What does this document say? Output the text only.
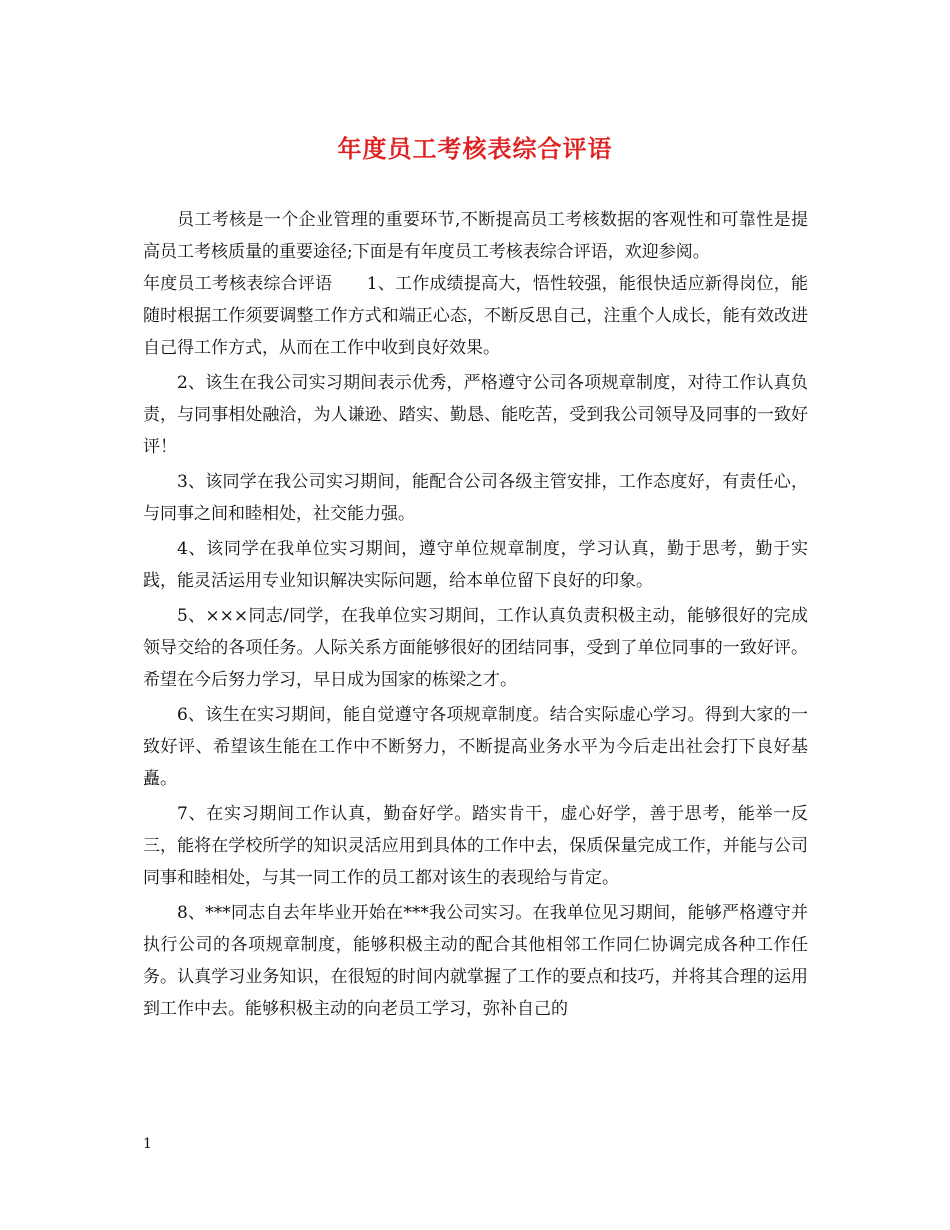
年度员工考核表综合评语

员工考核是一个企业管理的重要环节,不断提高员工考核数据的客观性和可靠性是提高员工考核质量的重要途径;下面是有年度员工考核表综合评语，欢迎参阅。

年度员工考核表综合评语　　1、工作成绩提高大，悟性较强，能很快适应新得岗位，能随时根据工作须要调整工作方式和端正心态，不断反思自己，注重个人成长，能有效改进自己得工作方式，从而在工作中收到良好效果。

2、该生在我公司实习期间表示优秀，严格遵守公司各项规章制度，对待工作认真负责，与同事相处融洽，为人谦逊、踏实、勤恳、能吃苦，受到我公司领导及同事的一致好评！

3、该同学在我公司实习期间，能配合公司各级主管安排，工作态度好，有责任心，与同事之间和睦相处，社交能力强。

4、该同学在我单位实习期间，遵守单位规章制度，学习认真，勤于思考，勤于实践，能灵活运用专业知识解决实际问题，给本单位留下良好的印象。

5、×××同志/同学，在我单位实习期间，工作认真负责积极主动，能够很好的完成领导交给的各项任务。人际关系方面能够很好的团结同事，受到了单位同事的一致好评。希望在今后努力学习，早日成为国家的栋梁之才。

6、该生在实习期间，能自觉遵守各项规章制度。结合实际虚心学习。得到大家的一致好评、希望该生能在工作中不断努力，不断提高业务水平为今后走出社会打下良好基矗。

7、在实习期间工作认真，勤奋好学。踏实肯干，虚心好学，善于思考，能举一反三，能将在学校所学的知识灵活应用到具体的工作中去，保质保量完成工作，并能与公司同事和睦相处，与其一同工作的员工都对该生的表现给与肯定。

8、***同志自去年毕业开始在***我公司实习。在我单位见习期间，能够严格遵守并执行公司的各项规章制度，能够积极主动的配合其他相邻工作同仁协调完成各种工作任务。认真学习业务知识，在很短的时间内就掌握了工作的要点和技巧，并将其合理的运用到工作中去。能够积极主动的向老员工学习，弥补自己的

1
